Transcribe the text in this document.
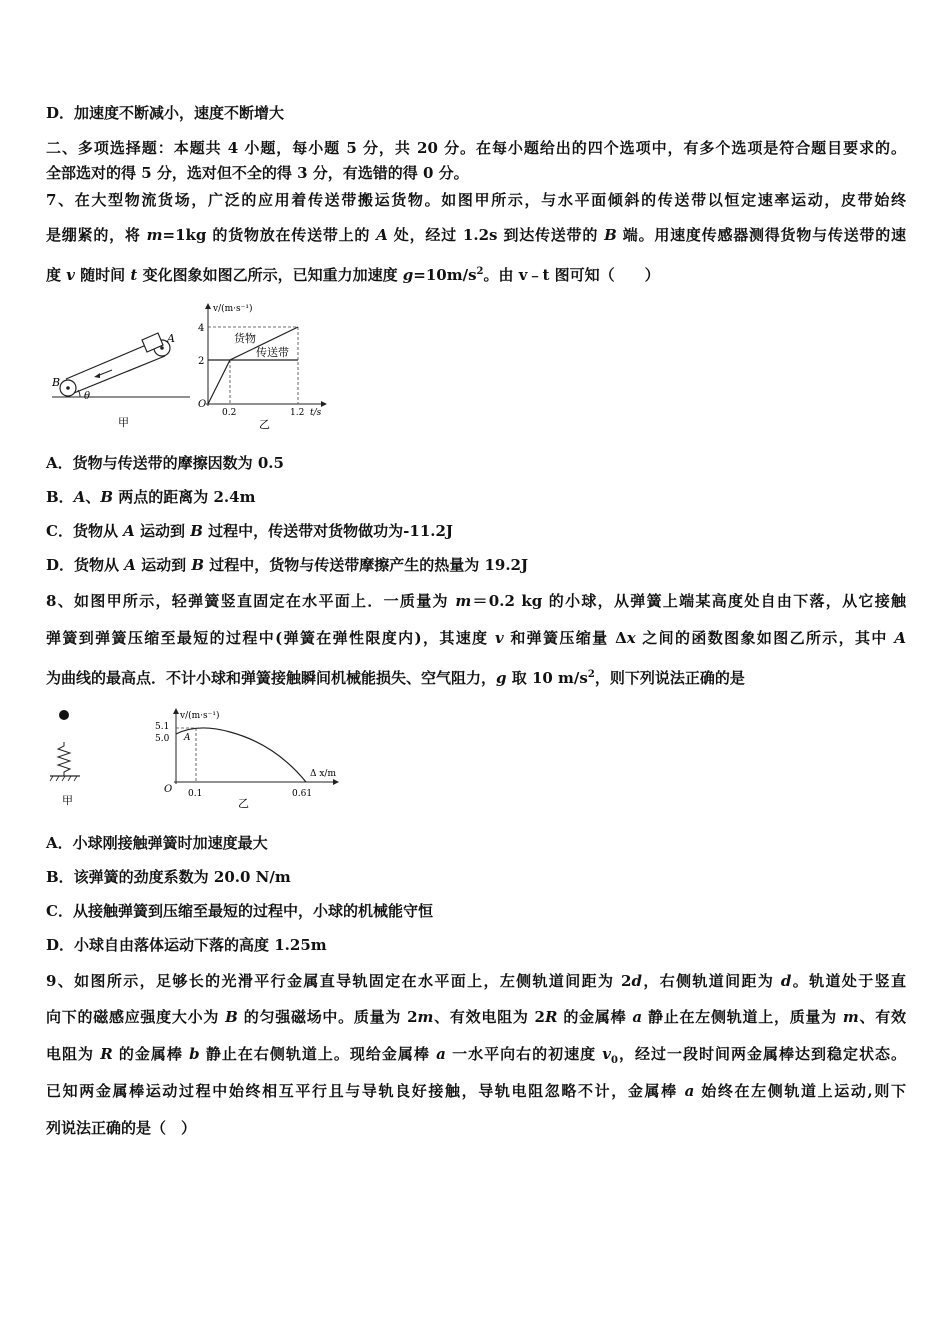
D．加速度不断减小，速度不断增大
二、多项选择题：本题共 4 小题，每小题 5 分，共 20 分。在每小题给出的四个选项中，有多个选项是符合题目要求的。
全部选对的得 5 分，选对但不全的得 3 分，有选错的得 0 分。
7、在大型物流货场，广泛的应用着传送带搬运货物。如图甲所示，与水平面倾斜的传送带以恒定速率运动，皮带始终
是绷紧的，将 m=1kg 的货物放在传送带上的 A 处，经过 1.2s 到达传送带的 B 端。用速度传感器测得货物与传送带的速
度 v 随时间 t 变化图象如图乙所示，已知重力加速度 $g=10m/s^2$。由 v﹣t 图可知（　　）
A
B
θ
甲
v/(m·s⁻¹)
4
2
O
0.2	1.2 t/s
货物
传送带
乙
A．货物与传送带的摩擦因数为 0.5
B．A、B 两点的距离为 2.4m
C．货物从 A 运动到 B 过程中，传送带对货物做功为-11.2J
D．货物从 A 运动到 B 过程中，货物与传送带摩擦产生的热量为 19.2J
8、如图甲所示，轻弹簧竖直固定在水平面上．一质量为 m＝0.2 kg 的小球，从弹簧上端某高度处自由下落，从它接触
弹簧到弹簧压缩至最短的过程中(弹簧在弹性限度内)，其速度 v 和弹簧压缩量 Δx 之间的函数图象如图乙所示，其中 A
为曲线的最高点．不计小球和弹簧接触瞬间机械能损失、空气阻力，g 取 10 $m/s^2$，则下列说法正确的是
甲
v/(m·s⁻¹)
5.1
5.0 A
O 0.1	0.61
Δ x/m
乙
A．小球刚接触弹簧时加速度最大
B．该弹簧的劲度系数为 20.0 N/m
C．从接触弹簧到压缩至最短的过程中，小球的机械能守恒
D．小球自由落体运动下落的高度 1.25m
9、如图所示，足够长的光滑平行金属直导轨固定在水平面上，左侧轨道间距为 2d，右侧轨道间距为 d。轨道处于竖直
向下的磁感应强度大小为 B 的匀强磁场中。质量为 2m、有效电阻为 2R 的金属棒 a 静止在左侧轨道上，质量为 m、有效
电阻为 R 的金属棒 b 静止在右侧轨道上。现给金属棒 a 一水平向右的初速度 $v_0$，经过一段时间两金属棒达到稳定状态。
已知两金属棒运动过程中始终相互平行且与导轨良好接触，导轨电阻忽略不计，金属棒 a 始终在左侧轨道上运动,则下
列说法正确的是（　）
